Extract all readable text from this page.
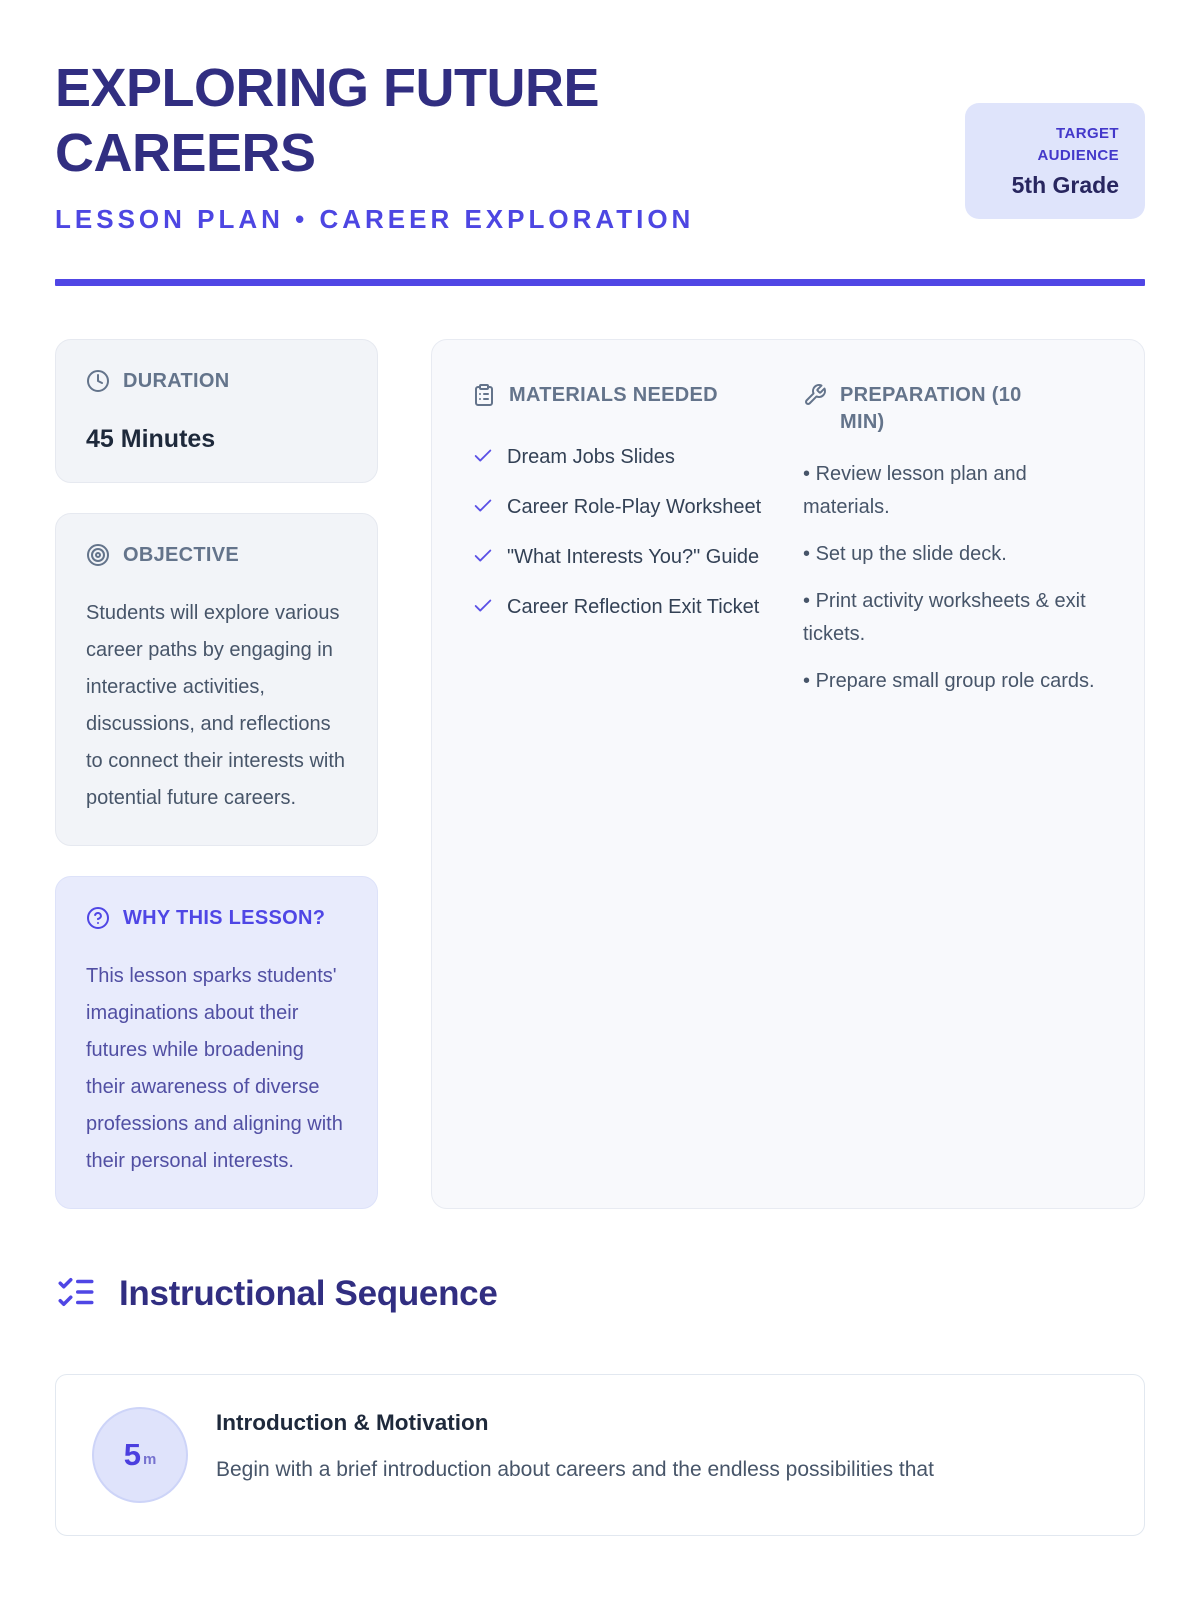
EXPLORING FUTURE CAREERS
LESSON PLAN • CAREER EXPLORATION
TARGET AUDIENCE
5th Grade
DURATION
45 Minutes
OBJECTIVE

Students will explore various career paths by engaging in interactive activities, discussions, and reflections to connect their interests with potential future careers.

WHY THIS LESSON?

This lesson sparks students' imaginations about their futures while broadening their awareness of diverse professions and aligning with their personal interests.

MATERIALS NEEDED
Dream Jobs Slides
Career Role-Play Worksheet
"What Interests You?" Guide
Career Reflection Exit Ticket
PREPARATION (10 MIN)
• Review lesson plan and materials.
• Set up the slide deck.
• Print activity worksheets & exit tickets.
• Prepare small group role cards.
Instructional Sequence
5 m
Introduction & Motivation
Begin with a brief introduction about careers and the endless possibilities that
